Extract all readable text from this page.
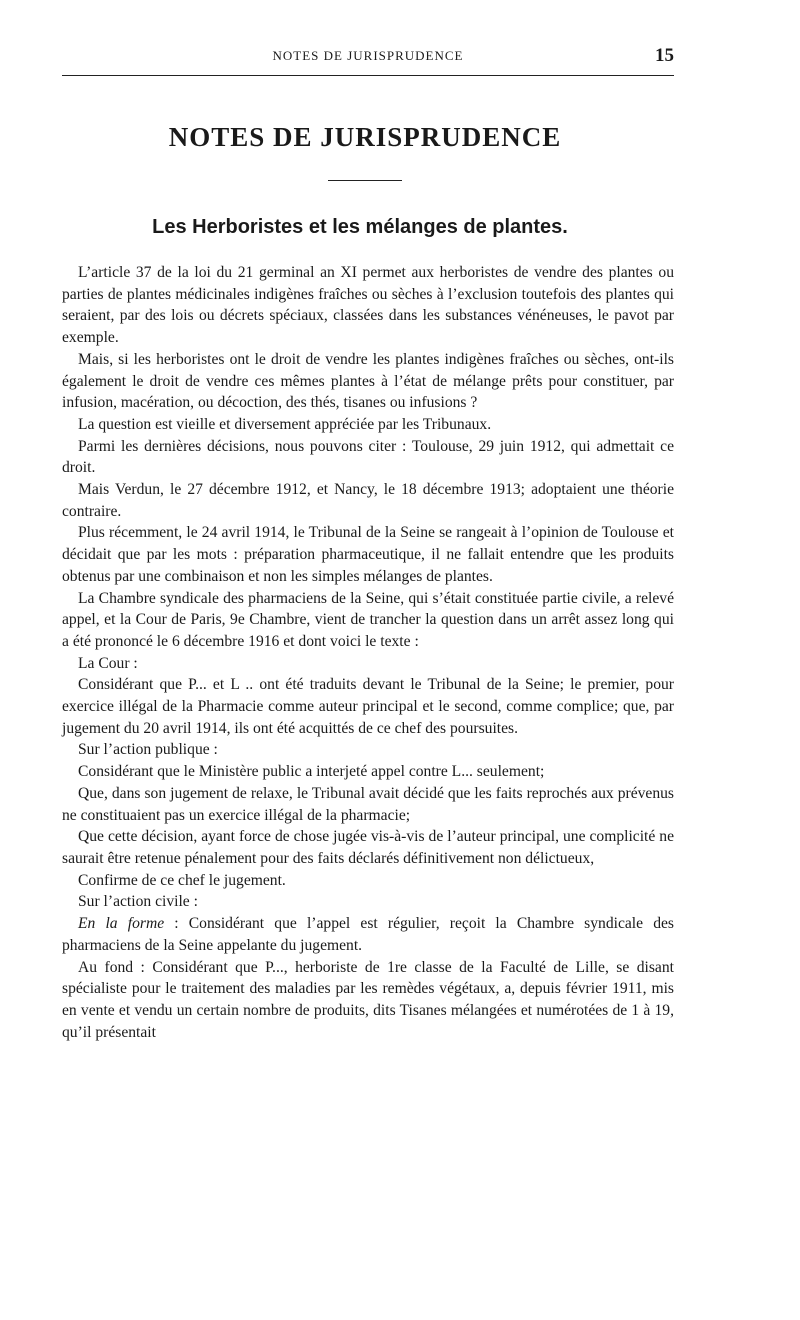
NOTES DE JURISPRUDENCE	15
NOTES DE JURISPRUDENCE
Les Herboristes et les mélanges de plantes.

L’article 37 de la loi du 21 germinal an XI permet aux herboristes de vendre des plantes ou parties de plantes médicinales indigènes fraîches ou sèches à l’exclusion toutefois des plantes qui seraient, par des lois ou décrets spéciaux, classées dans les substances vénéneuses, le pavot par exemple.

Mais, si les herboristes ont le droit de vendre les plantes indigènes fraîches ou sèches, ont-ils également le droit de vendre ces mêmes plantes à l’état de mélange prêts pour constituer, par infusion, macération, ou décoction, des thés, tisanes ou infusions ?

La question est vieille et diversement appréciée par les Tribunaux.

Parmi les dernières décisions, nous pouvons citer : Toulouse, 29 juin 1912, qui admettait ce droit.

Mais Verdun, le 27 décembre 1912, et Nancy, le 18 décembre 1913; adoptaient une théorie contraire.

Plus récemment, le 24 avril 1914, le Tribunal de la Seine se rangeait à l’opinion de Toulouse et décidait que par les mots : préparation pharmaceutique, il ne fallait entendre que les produits obtenus par une combinaison et non les simples mélanges de plantes.

La Chambre syndicale des pharmaciens de la Seine, qui s’était constituée partie civile, a relevé appel, et la Cour de Paris, 9e Chambre, vient de trancher la question dans un arrêt assez long qui a été prononcé le 6 décembre 1916 et dont voici le texte :

La Cour :

Considérant que P... et L .. ont été traduits devant le Tribunal de la Seine; le premier, pour exercice illégal de la Pharmacie comme auteur principal et le second, comme complice; que, par jugement du 20 avril 1914, ils ont été acquittés de ce chef des poursuites.

Sur l’action publique :

Considérant que le Ministère public a interjeté appel contre L... seulement;

Que, dans son jugement de relaxe, le Tribunal avait décidé que les faits reprochés aux prévenus ne constituaient pas un exercice illégal de la pharmacie;

Que cette décision, ayant force de chose jugée vis-à-vis de l’auteur principal, une complicité ne saurait être retenue pénalement pour des faits déclarés définitivement non délictueux,

Confirme de ce chef le jugement.

Sur l’action civile :

En la forme : Considérant que l’appel est régulier, reçoit la Chambre syndicale des pharmaciens de la Seine appelante du jugement.

Au fond : Considérant que P..., herboriste de 1re classe de la Faculté de Lille, se disant spécialiste pour le traitement des maladies par les remèdes végétaux, a, depuis février 1911, mis en vente et vendu un certain nombre de produits, dits Tisanes mélangées et numérotées de 1 à 19, qu’il présentait
